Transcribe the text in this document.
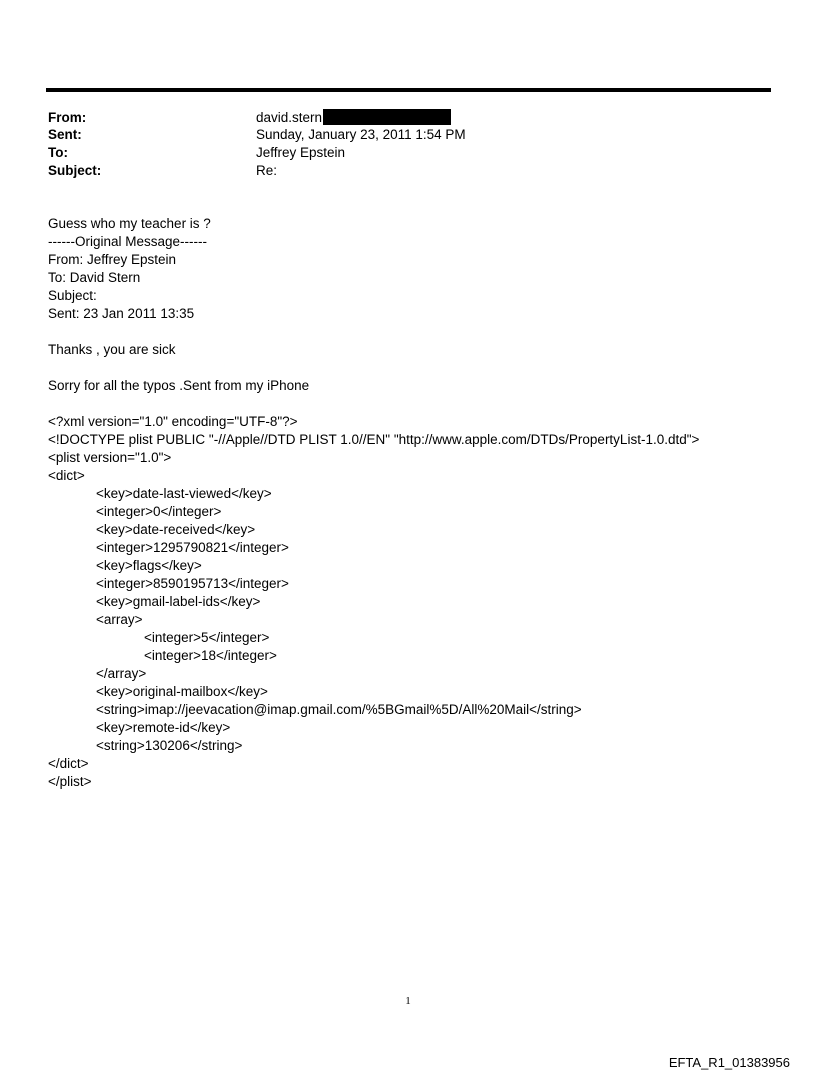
From:	david.stern
Sent:	Sunday, January 23, 2011 1:54 PM
To:	Jeffrey Epstein
Subject:	Re:
Guess who my teacher is ?
------Original Message------
From: Jeffrey Epstein
To: David Stern
Subject:
Sent: 23 Jan 2011 13:35
Thanks , you are sick
Sorry for all the typos .Sent from my iPhone
<?xml version="1.0" encoding="UTF-8"?>
<!DOCTYPE plist PUBLIC "-//Apple//DTD PLIST 1.0//EN" "http://www.apple.com/DTDs/PropertyList-1.0.dtd">
<plist version="1.0">
<dict>
<key>date-last-viewed</key>
<integer>0</integer>
<key>date-received</key>
<integer>1295790821</integer>
<key>flags</key>
<integer>8590195713</integer>
<key>gmail-label-ids</key>
<array>
<integer>5</integer>
<integer>18</integer>
</array>
<key>original-mailbox</key>
<string>imap://jeevacation@imap.gmail.com/%5BGmail%5D/All%20Mail</string>
<key>remote-id</key>
<string>130206</string>
</dict>
</plist>
1
EFTA_R1_01383956
